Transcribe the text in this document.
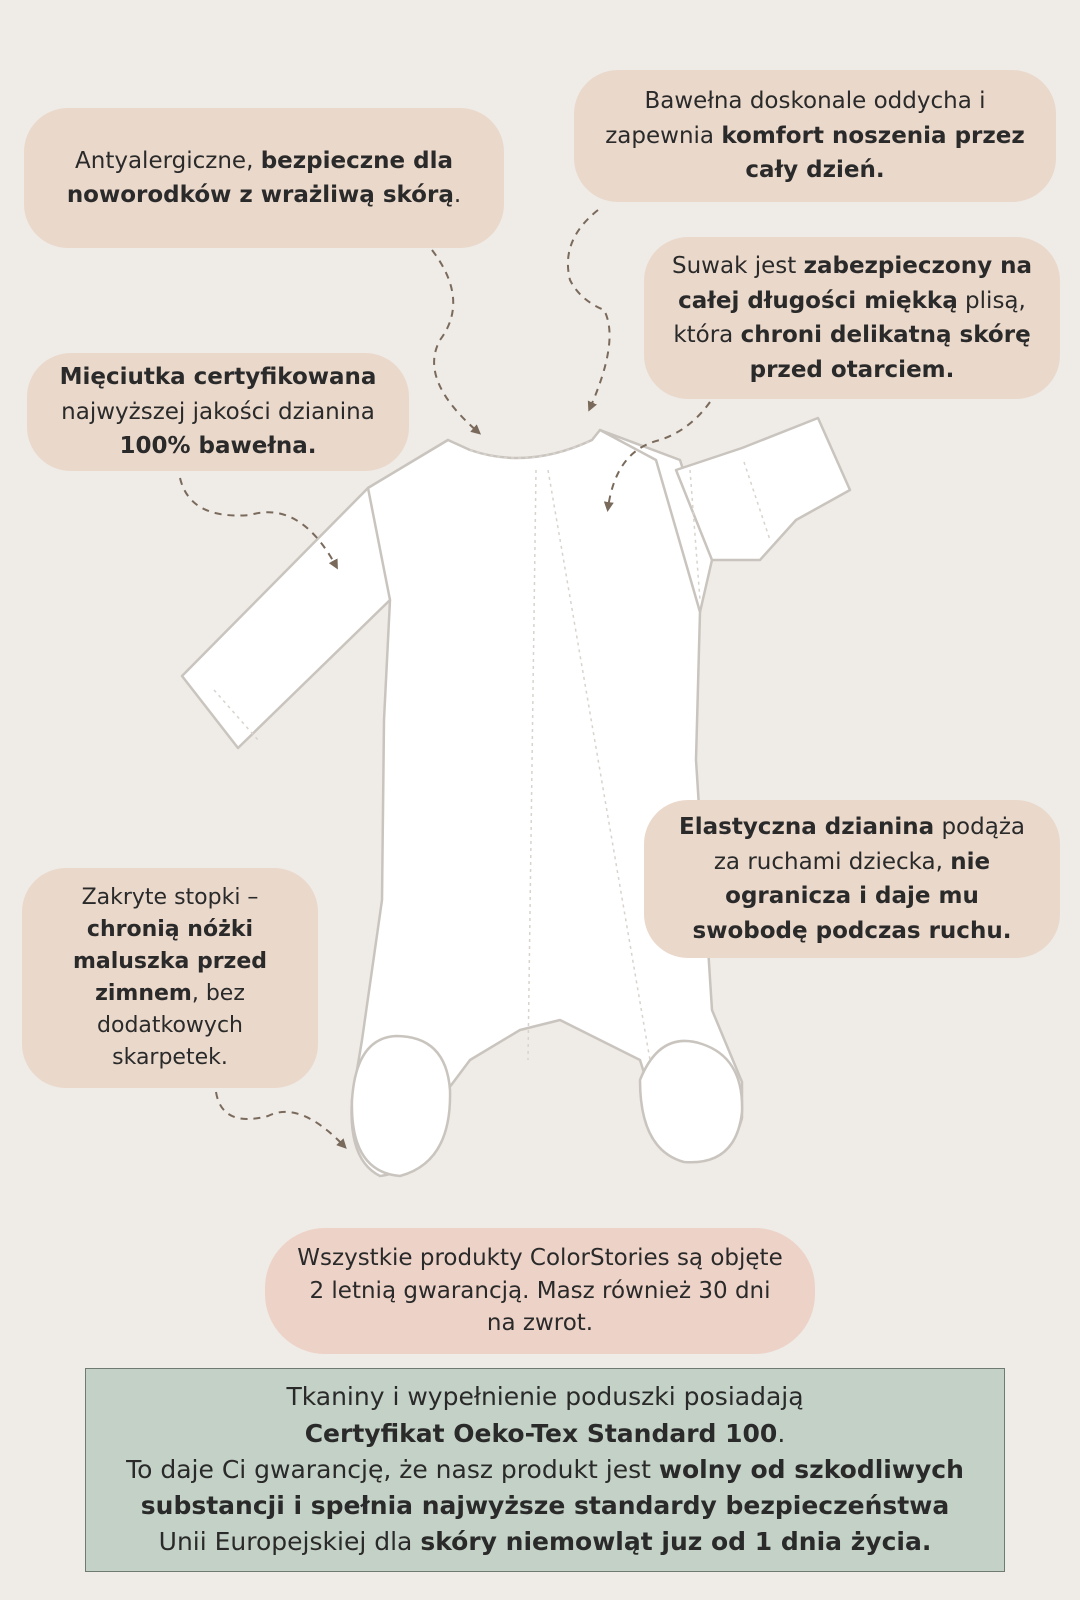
Antyalergiczne, bezpieczne dla noworodków z wrażliwą skórą.
Bawełna doskonale oddycha i zapewnia komfort noszenia przez cały dzień.
Suwak jest zabezpieczony na całej długości miękką plisą, która chroni delikatną skórę przed otarciem.
Mięciutka certyfikowana najwyższej jakości dzianina 100% bawełna.
Elastyczna dzianina podąża za ruchami dziecka, nie ogranicza i daje mu swobodę podczas ruchu.
Zakryte stopki – chronią nóżki maluszka przed zimnem, bez dodatkowych skarpetek.
Wszystkie produkty ColorStories są objęte 2 letnią gwarancją. Masz również 30 dni na zwrot.
Tkaniny i wypełnienie poduszki posiadają
Certyfikat Oeko-Tex Standard 100.
To daje Ci gwarancję, że nasz produkt jest wolny od szkodliwych substancji i spełnia najwyższe standardy bezpieczeństwa
Unii Europejskiej dla skóry niemowląt juz od 1 dnia życia.
